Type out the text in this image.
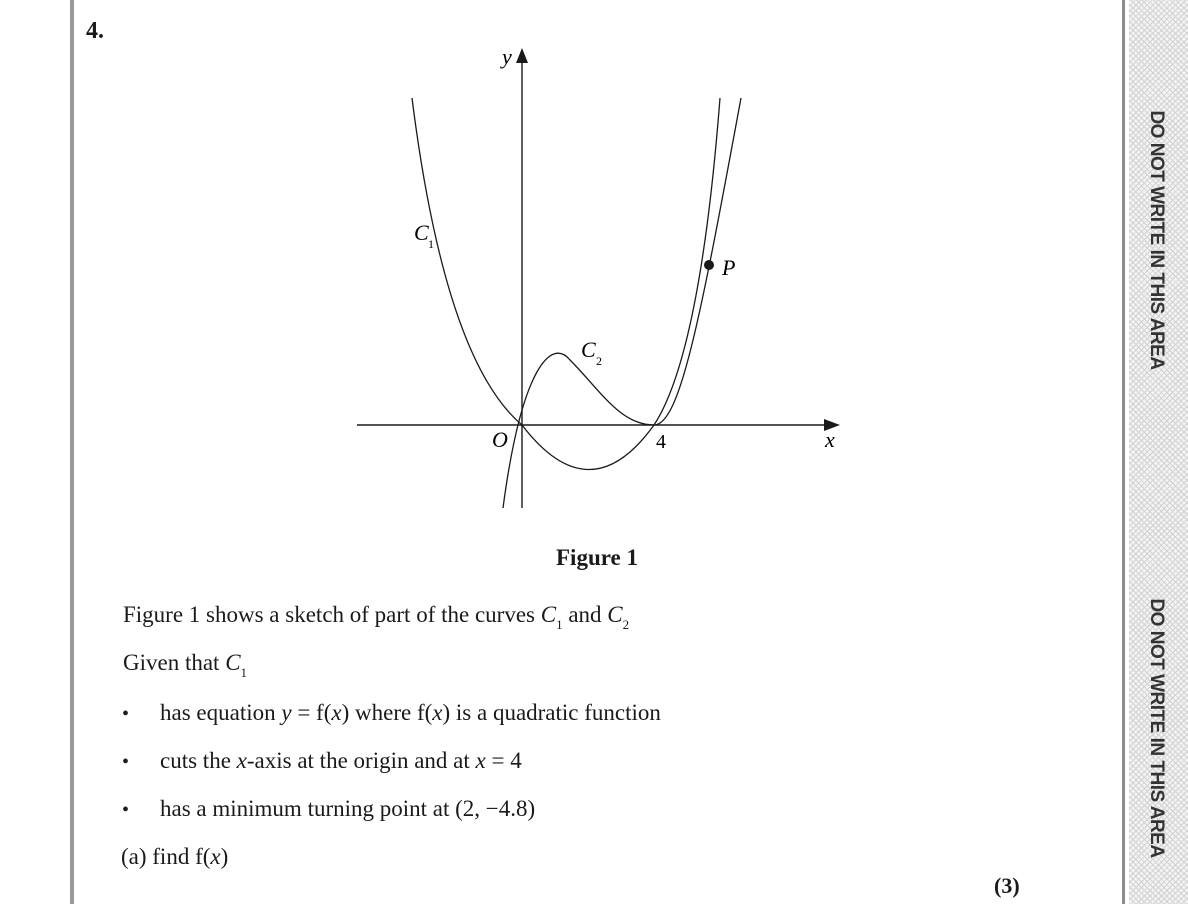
DO NOT WRITE IN THIS AREA
DO NOT WRITE IN THIS AREA
4.
y
x
O	4
C 1
C 2
P
Figure 1
Figure 1 shows a sketch of part of the curves $C_1$ and $C_2$
Given that $C_1$
• has equation y = f(x) where f(x) is a quadratic function
• cuts the x-axis at the origin and at x = 4
• has a minimum turning point at (2, −4.8)
(a) find f(x)
(3)
